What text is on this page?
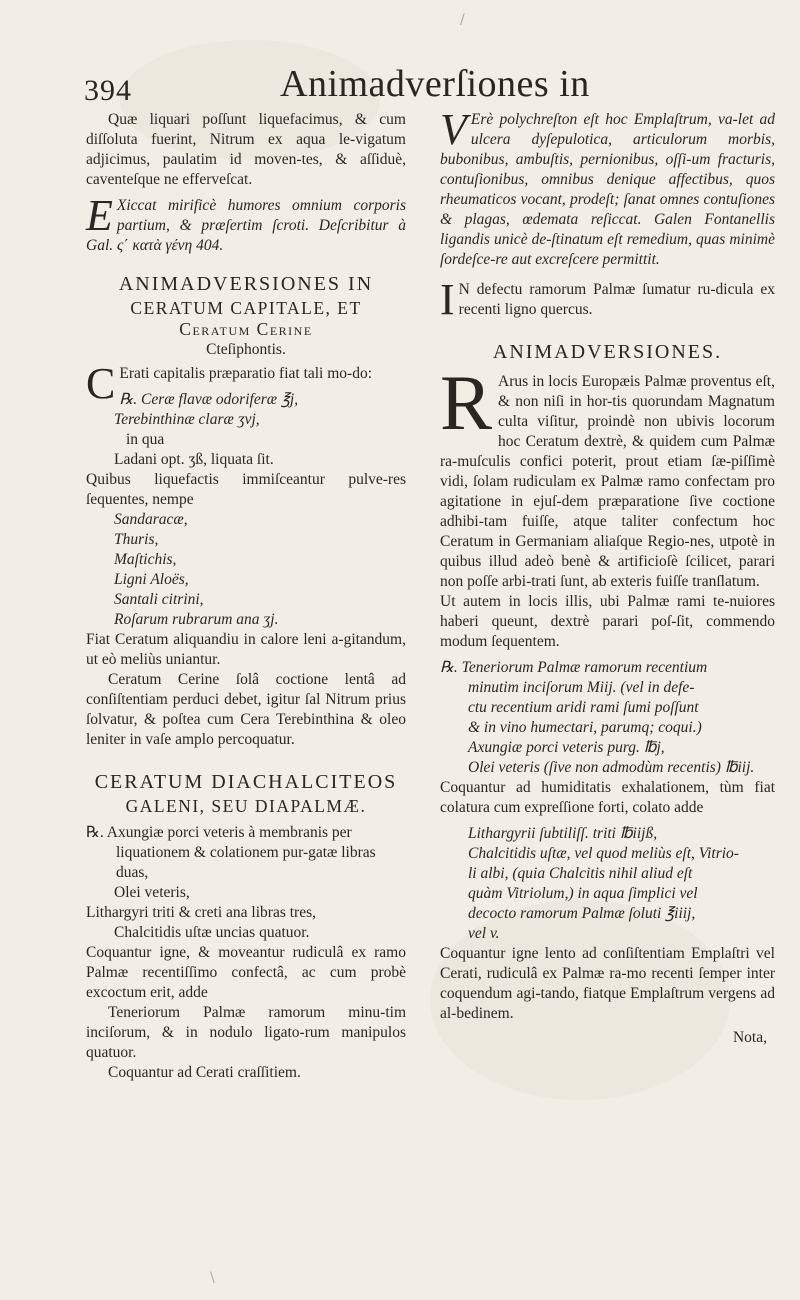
/
\
394	Animadverſiones in

Quæ liquari poſſunt liquefacimus, & cum diſſoluta fuerint, Nitrum ex aqua le-vigatum adjicimus, paulatim id moven-tes, & aſſiduè, caventeſque ne efferveſcat.

E Xiccat mirificè humores omnium corporis partium, & præſertim ſcroti. Deſcribitur à Gal. ς΄ κατὰ γένη 404.

ANIMADVERSIONES IN

CERATUM CAPITALE, ET

Ceratum Cerine

Cteſiphontis.

C Erati capitalis præparatio fiat tali mo-do:

℞. Ceræ flavæ odoriferæ ℥j,

Terebinthinæ claræ ʒvj,

in qua

Ladani opt. ʒß, liquata ſit.

Quibus liquefactis immiſceantur pulve-res ſequentes, nempe

Sandaracæ,

Thuris,

Maſtichis,

Ligni Aloës,

Santali citrini,

Roſarum rubrarum ana ʒj.

Fiat Ceratum aliquandiu in calore leni a-gitandum, ut eò meliùs uniantur.

Ceratum Cerine ſolâ coctione lentâ ad conſiſtentiam perduci debet, igitur ſal Nitrum prius ſolvatur, & poſtea cum Cera Terebinthina & oleo leniter in vaſe amplo percoquatur.

CERATUM DIACHALCITEOS

GALENI, SEU DIAPALMÆ.

℞. Axungiæ porci veteris à membranis per liquationem & colationem pur-gatæ libras duas,

Olei veteris,

Lithargyri triti & creti ana libras tres,

Chalcitidis uſtæ uncias quatuor.

Coquantur igne, & moveantur rudiculâ ex ramo Palmæ recentiſſimo confectâ, ac cum probè excoctum erit, adde

Teneriorum Palmæ ramorum minu-tim inciſorum, & in nodulo ligato-rum manipulos quatuor.

Coquantur ad Cerati craſſitiem.

V Erè polychreſton eſt hoc Emplaſtrum, va-let ad ulcera dyſepulotica, articulorum morbis, bubonibus, ambuſtis, pernionibus, oſſi-um fracturis, contuſionibus, omnibus denique affectibus, quos rheumaticos vocant, prodeſt; ſanat omnes contuſiones & plagas, œdemata reſiccat. Galen Fontanellis ligandis unicè de-ſtinatum eſt remedium, quas minimè ſordeſce-re aut excreſcere permittit.

I N defectu ramorum Palmæ ſumatur ru-dicula ex recenti ligno quercus.

ANIMADVERSIONES.

R Arus in locis Europæis Palmæ proventus eſt, & non niſi in hor-tis quorundam Magnatum culta viſitur, proindè non ubivis locorum hoc Ceratum dextrè, & quidem cum Palmæ ra-muſculis confici poterit, prout etiam ſæ-piſſimè vidi, ſolam rudiculam ex Palmæ ramo confectam pro agitatione in ejuſ-dem præparatione ſive coctione adhibi-tam fuiſſe, atque taliter confectum hoc Ceratum in Germaniam aliaſque Regio-nes, utpotè in quibus illud adeò benè & artificioſè ſcilicet, parari non poſſe arbi-trati ſunt, ab exteris fuiſſe tranſlatum.

Ut autem in locis illis, ubi Palmæ rami te-nuiores haberi queunt, dextrè parari poſ-ſit, commendo modum ſequentem.

℞. Teneriorum Palmæ ramorum recentium

minutim inciſorum Miij. (vel in defe-

ctu recentium aridi rami ſumi poſſunt

& in vino humectari, parumq; coqui.)

Axungiæ porci veteris purg. ℔j,

Olei veteris (ſive non admodùm recentis) ℔iij.

Coquantur ad humiditatis exhalationem, tùm fiat colatura cum expreſſione forti, colato adde

Lithargyrii ſubtiliſſ. triti ℔iijß,

Chalcitidis uſtæ, vel quod meliùs eſt, Vitrio-

li albi, (quia Chalcitis nihil aliud eſt

quàm Vitriolum,) in aqua ſimplici vel

decocto ramorum Palmæ ſoluti ℥iiij,

vel v.

Coquantur igne lento ad conſiſtentiam Emplaſtri vel Cerati, rudiculâ ex Palmæ ra-mo recenti ſemper inter coquendum agi-tando, fiatque Emplaſtrum vergens ad al-bedinem.

Nota,
